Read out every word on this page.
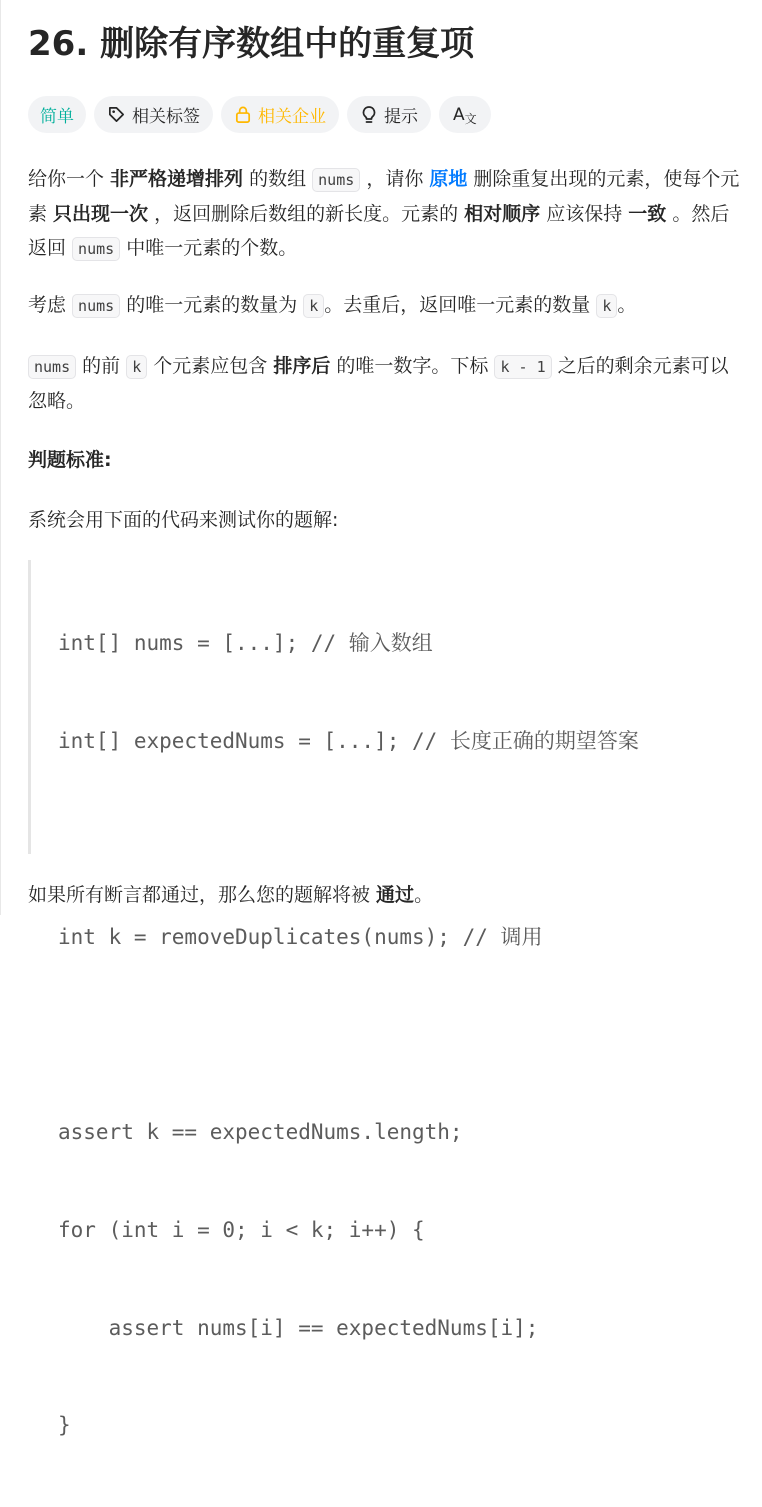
26. 删除有序数组中的重复项
简单	相关标签	相关企业	提示 A 文

给你一个 非严格递增排列 的数组 nums ，请你 原地 删除重复出现的元素，使每个元素 只出现一次 ，返回删除后数组的新长度。元素的 相对顺序 应该保持 一致 。然后返回 nums 中唯一元素的个数。

考虑 nums 的唯一元素的数量为 k 。去重后，返回唯一元素的数量 k 。

nums 的前 k 个元素应包含 排序后 的唯一数字。下标 k - 1 之后的剩余元素可以忽略。

判题标准:

系统会用下面的代码来测试你的题解:

int[] nums = [...]; // 输入数组

int[] expectedNums = [...]; // 长度正确的期望答案

int k = removeDuplicates(nums); // 调用

assert k == expectedNums.length;

for (int i = 0; i < k; i++) {

assert nums[i] == expectedNums[i];

}

如果所有断言都通过，那么您的题解将被 通过。
